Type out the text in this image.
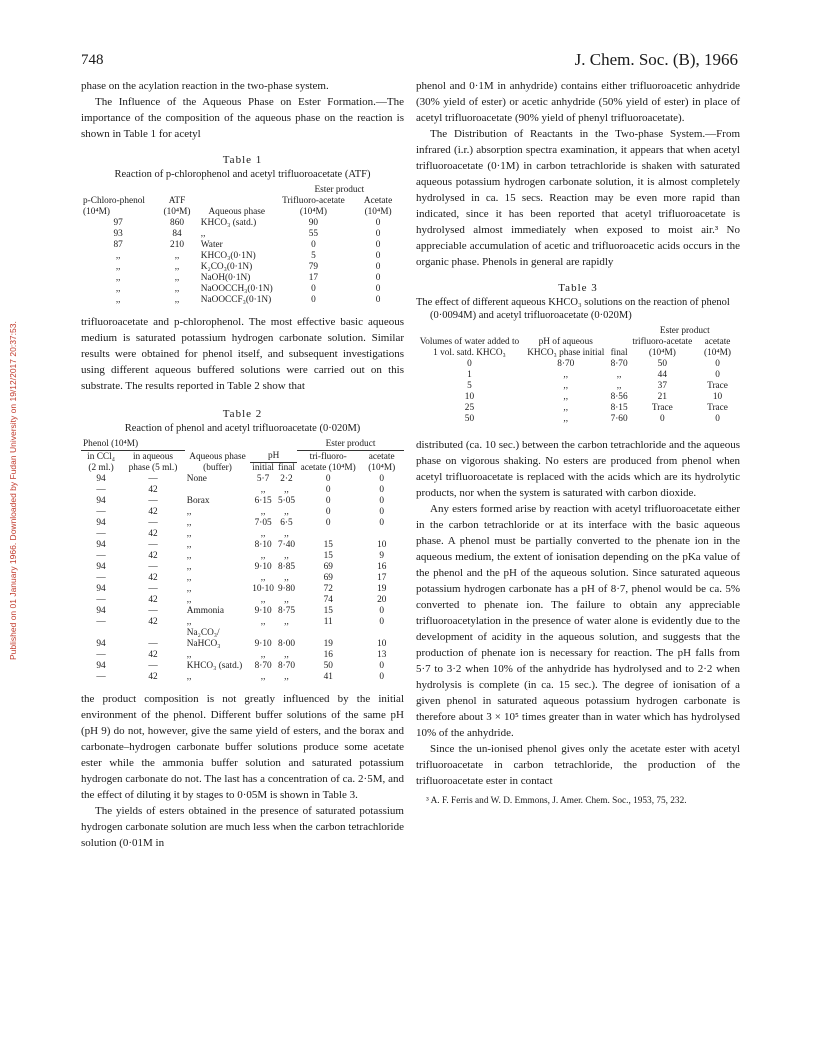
Published on 01 January 1966. Downloaded by Fudan University on 19/12/2017 20:37:53.
748	J. Chem. Soc. (B), 1966

phase on the acylation reaction in the two-phase system.

The Influence of the Aqueous Phase on Ester Formation.—The importance of the composition of the aqueous phase on the reaction is shown in Table 1 for acetyl

Table 1
Reaction of p-chlorophenol and acetyl trifluoroacetate (ATF)
			Ester product	
p-Chloro-phenol (10⁴M)	ATF (10⁴M)	Aqueous phase	Trifluoro-acetate (10⁴M)	Acetate (10⁴M)
97	860	KHCO₃ (satd.)	90	0
93	84	,,	55	0
87	210	Water	0	0
,,	,,	KHCO₃(0·1N)	5	0
,,	,,	K₂CO₃(0·1N)	79	0
,,	,,	NaOH(0·1N)	17	0
,,	,,	NaOOCCH₃(0·1N)	0	0
,,	,,	NaOOCCF₃(0·1N)	0	0

trifluoroacetate and p-chlorophenol. The most effective basic aqueous medium is saturated potassium hydrogen carbonate solution. Similar results were obtained for phenol itself, and subsequent investigations using different aqueous buffered solutions were carried out on this substrate. The results reported in Table 2 show that

Table 2
Reaction of phenol and acetyl trifluoroacetate (0·020M)
Phenol (10⁴M)					Ester product	
in CCl₄ (2 ml.)	in aqueous phase (5 ml.)	Aqueous phase (buffer)	pH
initial final		tri-fluoro-acetate (10⁴M)	acetate (10⁴M)
94	—	None	5·7	2·2	0	0
—	42		,,	,,	0	0
94	—	Borax	6·15	5·05	0	0
—	42	,,	,,	,,	0	0
94	—	,,	7·05	6·5	0	0
—	42	,,	,,	,,		
94	—	,,	8·10	7·40	15	10
—	42	,,	,,	,,	15	9
94	—	,,	9·10	8·85	69	16
—	42	,,	,,	,,	69	17
94	—	,,	10·10	9·80	72	19
—	42	,,	,,	,,	74	20
94	—	Ammonia	9·10	8·75	15	0
—	42	,,	,,	,,	11	0
94	—	Na₂CO₃/ NaHCO₃	9·10	8·00	19	10
—	42	,,	,,	,,	16	13
94	—	KHCO₃ (satd.)	8·70	8·70	50	0
—	42	,,	,,	,,	41	0

the product composition is not greatly influenced by the initial environment of the phenol. Different buffer solutions of the same pH (pH 9) do not, however, give the same yield of esters, and the borax and carbonate–hydrogen carbonate buffer solutions produce some acetate ester while the ammonia buffer solution and saturated potassium hydrogen carbonate do not. The last has a concentration of ca. 2·5M, and the effect of diluting it by stages to 0·05M is shown in Table 3.

The yields of esters obtained in the presence of saturated potassium hydrogen carbonate solution are much less when the carbon tetrachloride solution (0·01M in

phenol and 0·1M in anhydride) contains either trifluoroacetic anhydride (30% yield of ester) or acetic anhydride (50% yield of ester) in place of acetyl trifluoroacetate (90% yield of phenyl trifluoroacetate).

The Distribution of Reactants in the Two-phase System.—From infrared (i.r.) absorption spectra examination, it appears that when acetyl trifluoroacetate (0·1M) in carbon tetrachloride is shaken with saturated aqueous potassium hydrogen carbonate solution, it is almost completely hydrolysed in ca. 15 secs. Reaction may be even more rapid than indicated, since it has been reported that acetyl trifluoroacetate is hydrolysed almost immediately when exposed to moist air.³ No appreciable accumulation of acetic and trifluoroacetic acids occurs in the organic phase. Phenols in general are rapidly

Table 3
The effect of different aqueous KHCO₃ solutions on the reaction of phenol (0·0094M) and acetyl trifluoroacetate (0·020M)
			Ester product	
Volumes of water added to 1 vol. satd. KHCO₃	pH of aqueous KHCO₃ phase initial	final	trifluoro-acetate (10⁴M)	acetate (10⁴M)
0	8·70	8·70	50	0
1	,,	,,	44	0
5	,,	,,	37	Trace
10	,,	8·56	21	10
25	,,	8·15	Trace	Trace
50	,,	7·60	0	0

distributed (ca. 10 sec.) between the carbon tetrachloride and the aqueous phase on vigorous shaking. No esters are produced from phenol when acetyl trifluoroacetate is replaced with the acids which are its hydrolytic products, nor when the system is saturated with carbon dioxide.

Any esters formed arise by reaction with acetyl trifluoroacetate either in the carbon tetrachloride or at its interface with the basic aqueous phase. A phenol must be partially converted to the phenate ion in the aqueous medium, the extent of ionisation depending on the pKa value of the phenol and the pH of the aqueous solution. Since saturated aqueous potassium hydrogen carbonate has a pH of 8·7, phenol would be ca. 5% converted to phenate ion. The failure to obtain any appreciable trifluoroacetylation in the presence of water alone is evidently due to the development of acidity in the aqueous solution, and suggests that the production of phenate ion is necessary for reaction. The pH falls from 5·7 to 3·2 when 10% of the anhydride has hydrolysed and to 2·2 when hydrolysis is complete (in ca. 15 sec.). The degree of ionisation of a given phenol in saturated aqueous potassium hydrogen carbonate is therefore about 3 × 10⁵ times greater than in water which has hydrolysed 10% of the anhydride.

Since the un-ionised phenol gives only the acetate ester with acetyl trifluoroacetate in carbon tetrachloride, the production of the trifluoroacetate ester in contact

³ A. F. Ferris and W. D. Emmons, J. Amer. Chem. Soc., 1953, 75, 232.
